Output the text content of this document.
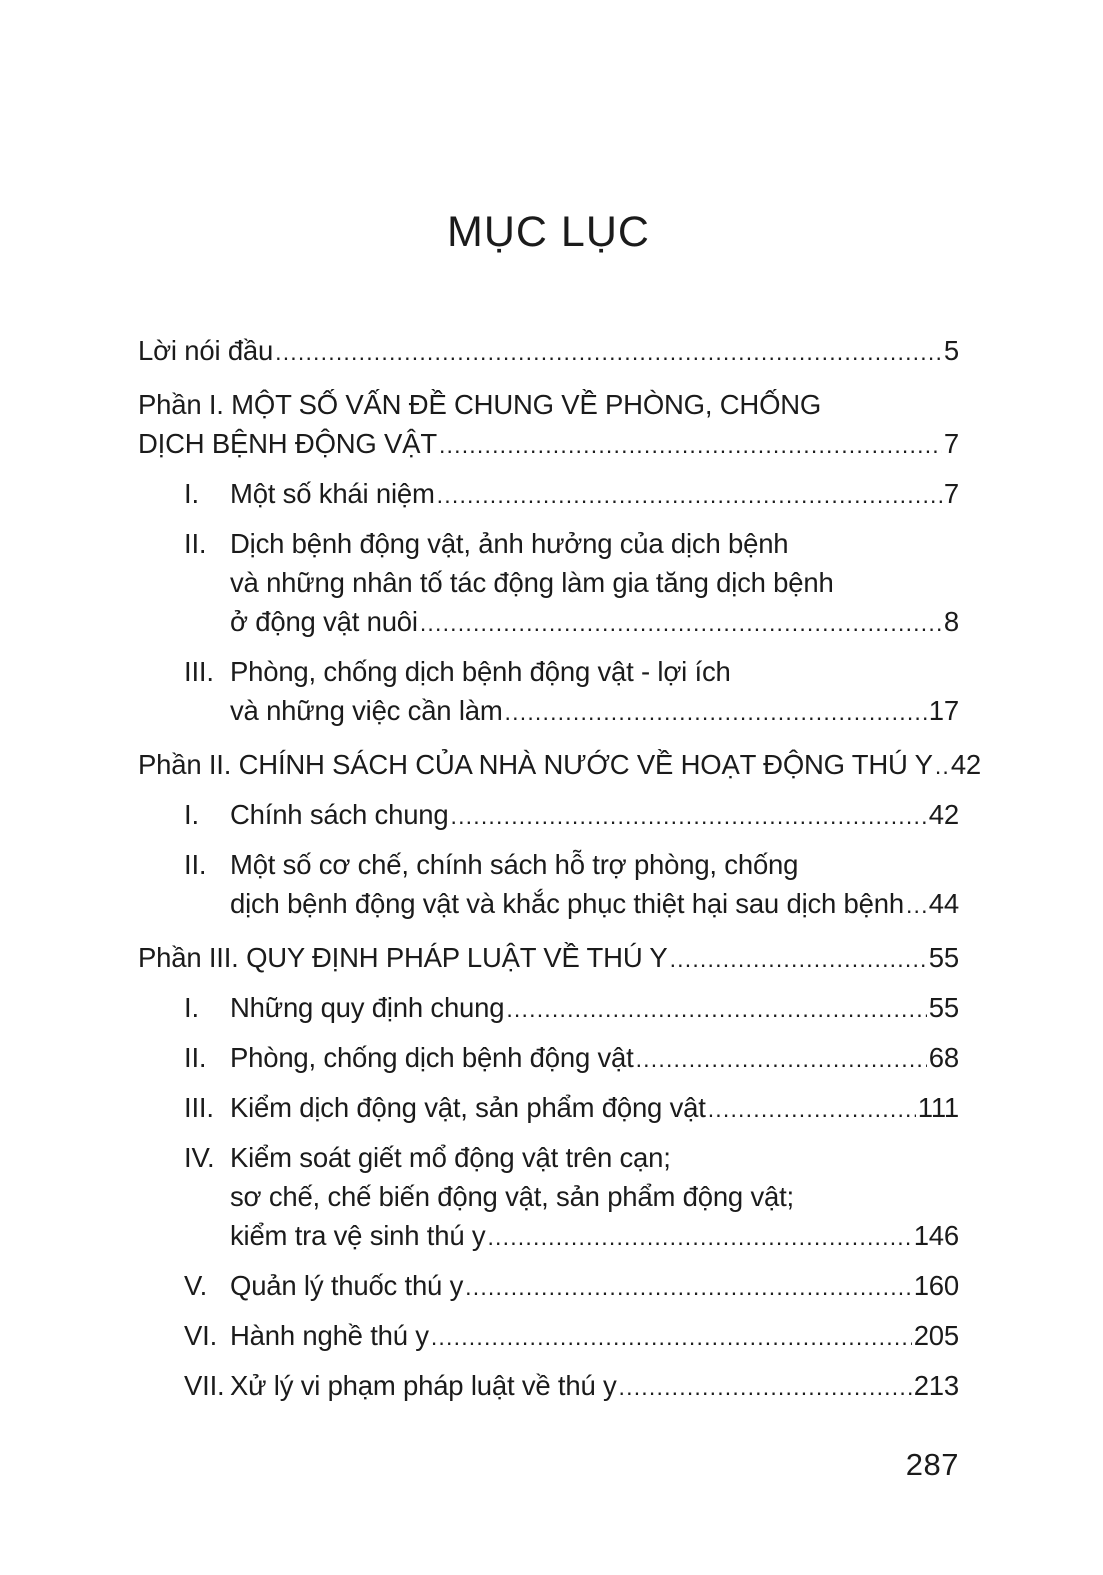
MỤC LỤC
Lời nói đầu .....	5
Phần I. MỘT SỐ VẤN ĐỀ CHUNG VỀ PHÒNG, CHỐNG
DỊCH BỆNH ĐỘNG VẬT .....	7
I. Một số khái niệm .....	7
II. Dịch bệnh động vật, ảnh hưởng của dịch bệnh
và những nhân tố tác động làm gia tăng dịch bệnh
ở động vật nuôi .....	8
III. Phòng, chống dịch bệnh động vật - lợi ích
và những việc cần làm .....	17
Phần II. CHÍNH SÁCH CỦA NHÀ NƯỚC VỀ HOẠT ĐỘNG THÚ Y ..... 42
I. Chính sách chung .....	42
II. Một số cơ chế, chính sách hỗ trợ phòng, chống
dịch bệnh động vật và khắc phục thiệt hại sau dịch bệnh ..... 44
Phần III. QUY ĐỊNH PHÁP LUẬT VỀ THÚ Y .....	55
I. Những quy định chung .....	55
II. Phòng, chống dịch bệnh động vật .....	68
III. Kiểm dịch động vật, sản phẩm động vật .....	111
IV. Kiểm soát giết mổ động vật trên cạn;
sơ chế, chế biến động vật, sản phẩm động vật;
kiểm tra vệ sinh thú y .....	146
V. Quản lý thuốc thú y .....	160
VI. Hành nghề thú y .....	205
VII. Xử lý vi phạm pháp luật về thú y .....	213
287
